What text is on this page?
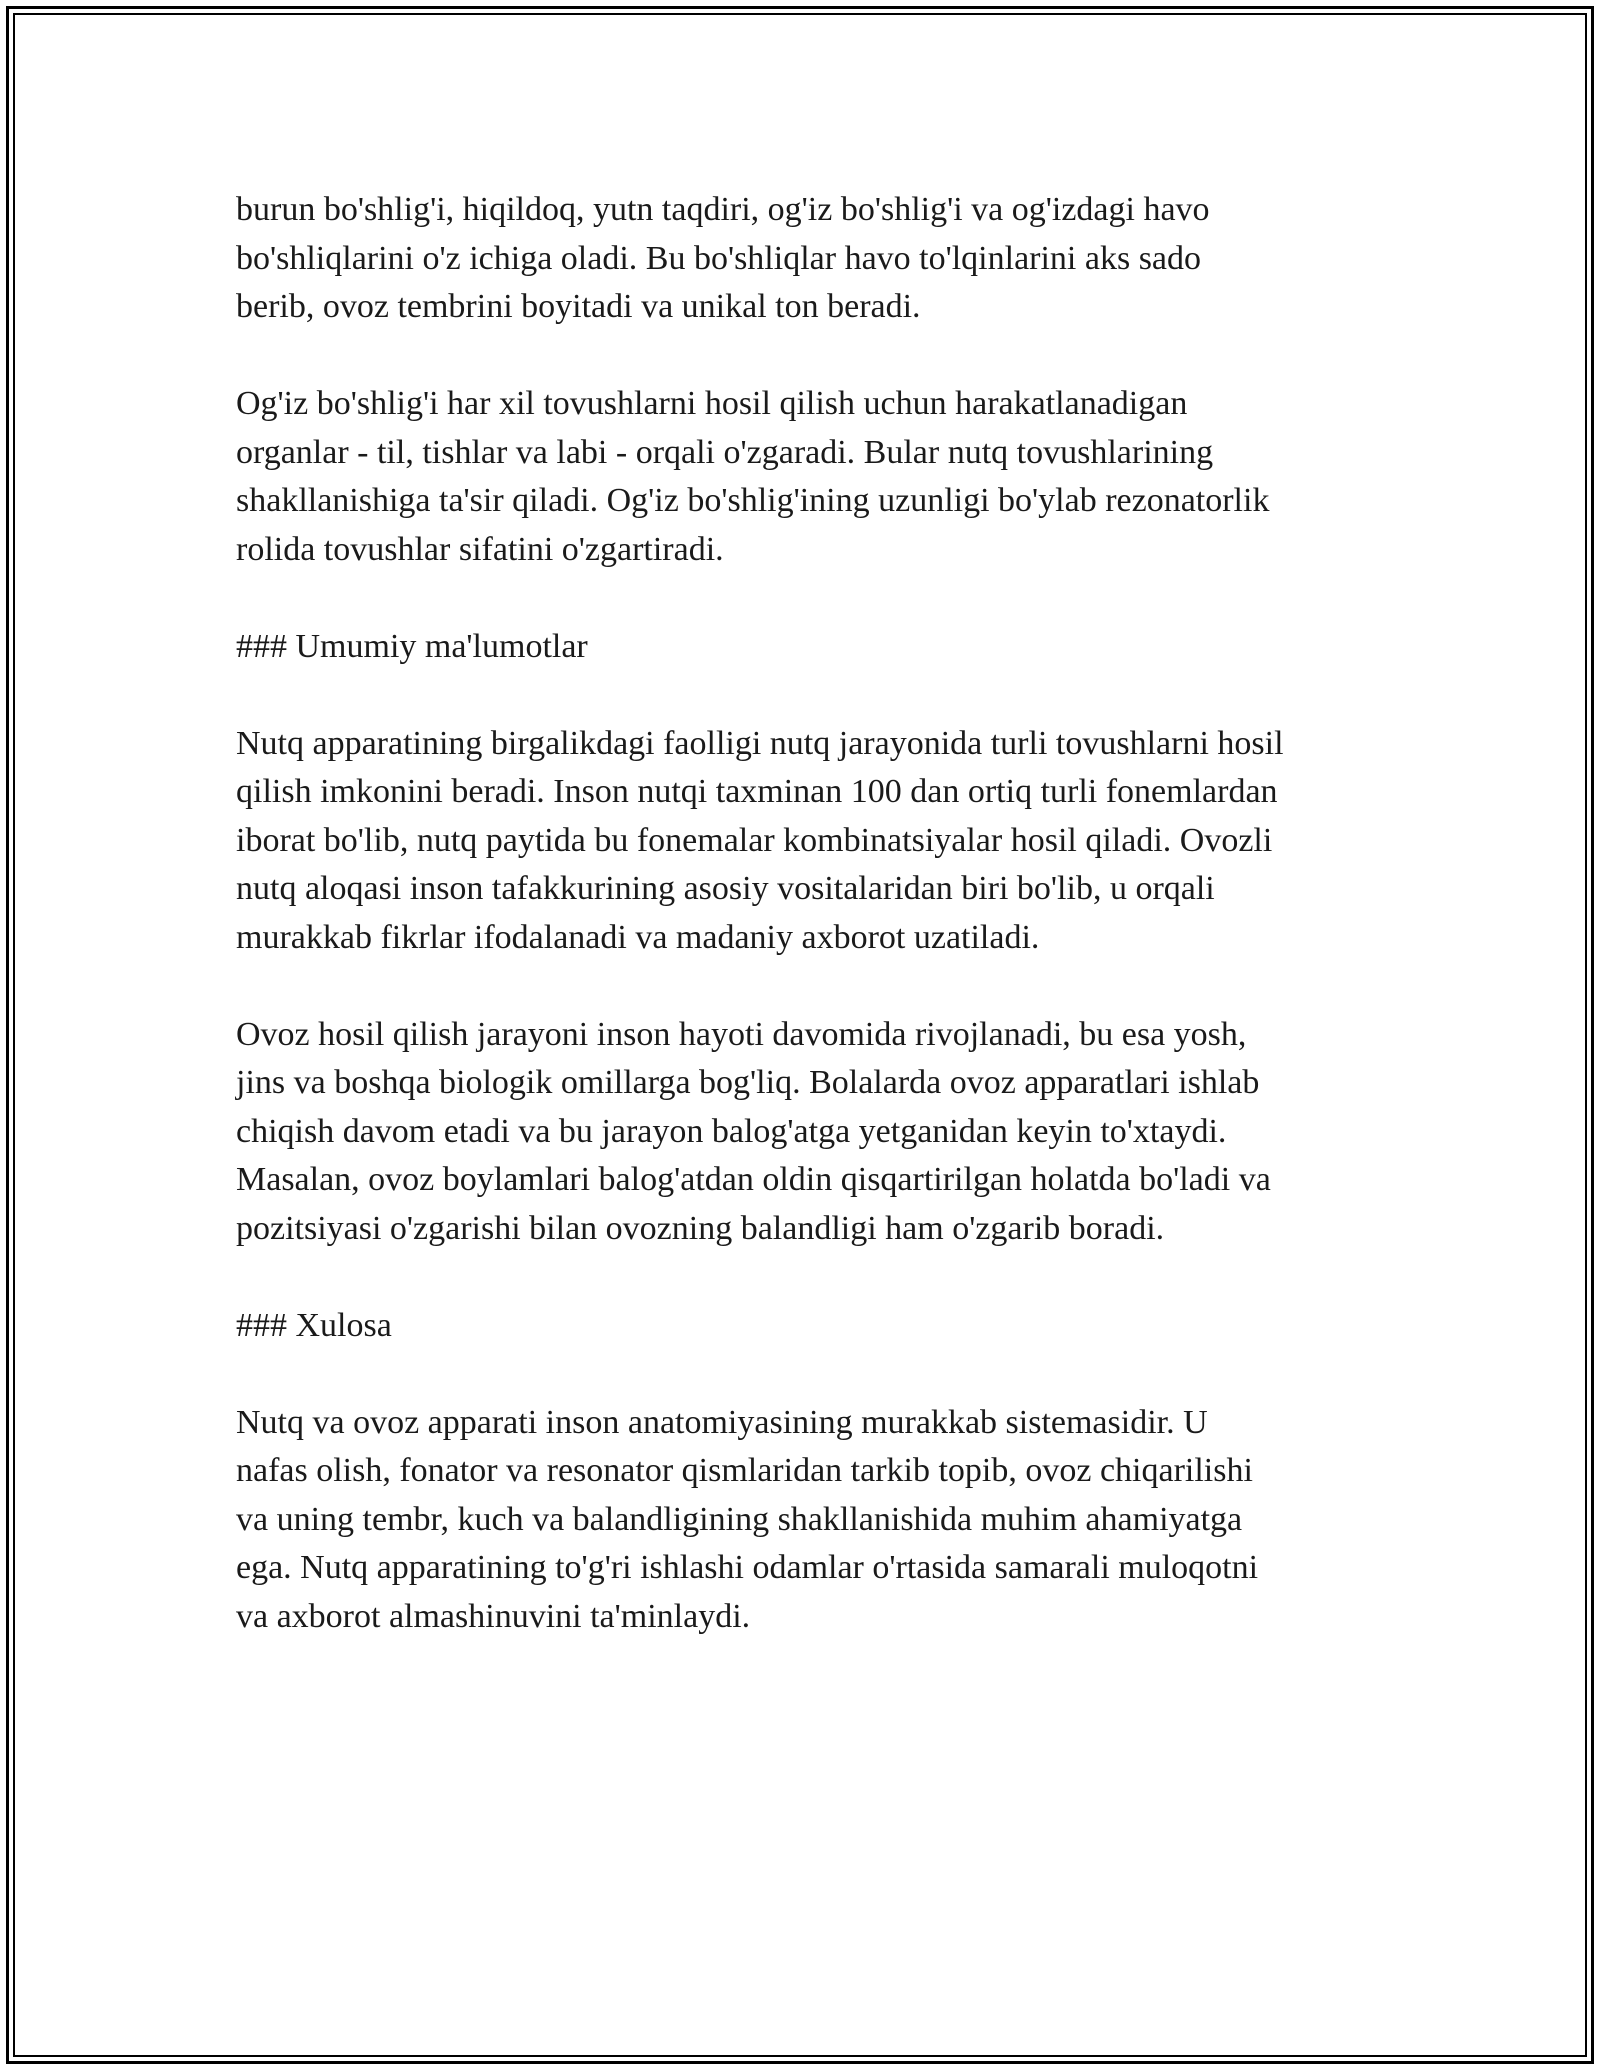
burun bo'shlig'i, hiqildoq, yutn taqdiri, og'iz bo'shlig'i va og'izdagi havo
bo'shliqlarini o'z ichiga oladi. Bu bo'shliqlar havo to'lqinlarini aks sado
berib, ovoz tembrini boyitadi va unikal ton beradi.

Og'iz bo'shlig'i har xil tovushlarni hosil qilish uchun harakatlanadigan
organlar - til, tishlar va labi - orqali o'zgaradi. Bular nutq tovushlarining
shakllanishiga ta'sir qiladi. Og'iz bo'shlig'ining uzunligi bo'ylab rezonatorlik
rolida tovushlar sifatini o'zgartiradi.

### Umumiy ma'lumotlar

Nutq apparatining birgalikdagi faolligi nutq jarayonida turli tovushlarni hosil
qilish imkonini beradi. Inson nutqi taxminan 100 dan ortiq turli fonemlardan
iborat bo'lib, nutq paytida bu fonemalar kombinatsiyalar hosil qiladi. Ovozli
nutq aloqasi inson tafakkurining asosiy vositalaridan biri bo'lib, u orqali
murakkab fikrlar ifodalanadi va madaniy axborot uzatiladi.

Ovoz hosil qilish jarayoni inson hayoti davomida rivojlanadi, bu esa yosh,
jins va boshqa biologik omillarga bog'liq. Bolalarda ovoz apparatlari ishlab
chiqish davom etadi va bu jarayon balog'atga yetganidan keyin to'xtaydi.
Masalan, ovoz boylamlari balog'atdan oldin qisqartirilgan holatda bo'ladi va
pozitsiyasi o'zgarishi bilan ovozning balandligi ham o'zgarib boradi.

### Xulosa

Nutq va ovoz apparati inson anatomiyasining murakkab sistemasidir. U
nafas olish, fonator va resonator qismlaridan tarkib topib, ovoz chiqarilishi
va uning tembr, kuch va balandligining shakllanishida muhim ahamiyatga
ega. Nutq apparatining to'g'ri ishlashi odamlar o'rtasida samarali muloqotni
va axborot almashinuvini ta'minlaydi.
